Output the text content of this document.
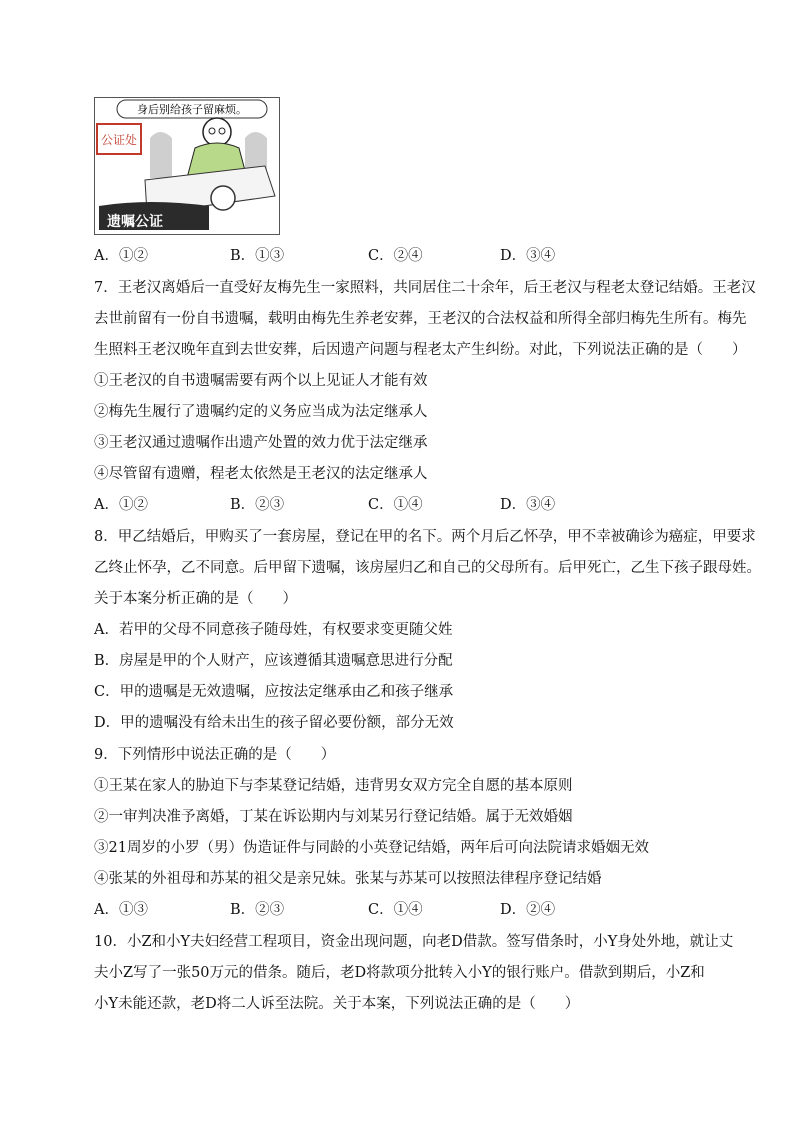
身后别给孩子留麻烦。
公证处
遗嘱公证
A．①②	B．①③	C．②④	D．③④
7．王老汉离婚后一直受好友梅先生一家照料，共同居住二十余年，后王老汉与程老太登记结婚。王老汉
去世前留有一份自书遗嘱，载明由梅先生养老安葬，王老汉的合法权益和所得全部归梅先生所有。梅先
生照料王老汉晚年直到去世安葬，后因遗产问题与程老太产生纠纷。对此，下列说法正确的是（　　）
①王老汉的自书遗嘱需要有两个以上见证人才能有效
②梅先生履行了遗嘱约定的义务应当成为法定继承人
③王老汉通过遗嘱作出遗产处置的效力优于法定继承
④尽管留有遗赠，程老太依然是王老汉的法定继承人
A．①②	B．②③	C．①④	D．③④
8．甲乙结婚后，甲购买了一套房屋，登记在甲的名下。两个月后乙怀孕，甲不幸被确诊为癌症，甲要求
乙终止怀孕，乙不同意。后甲留下遗嘱，该房屋归乙和自己的父母所有。后甲死亡，乙生下孩子跟母姓。
关于本案分析正确的是（　　）
A．若甲的父母不同意孩子随母姓，有权要求变更随父姓
B．房屋是甲的个人财产，应该遵循其遗嘱意思进行分配
C．甲的遗嘱是无效遗嘱，应按法定继承由乙和孩子继承
D．甲的遗嘱没有给未出生的孩子留必要份额，部分无效
9．下列情形中说法正确的是（　　）
①王某在家人的胁迫下与李某登记结婚，违背男女双方完全自愿的基本原则
②一审判决准予离婚，丁某在诉讼期内与刘某另行登记结婚。属于无效婚姻
③21周岁的小罗（男）伪造证件与同龄的小英登记结婚，两年后可向法院请求婚姻无效
④张某的外祖母和苏某的祖父是亲兄妹。张某与苏某可以按照法律程序登记结婚
A．①③	B．②③	C．①④	D．②④
10．小Z和小Y夫妇经营工程项目，资金出现问题，向老D借款。签写借条时，小Y身处外地，就让丈
夫小Z写了一张50万元的借条。随后，老D将款项分批转入小Y的银行账户。借款到期后，小Z和
小Y未能还款，老D将二人诉至法院。关于本案，下列说法正确的是（　　）
